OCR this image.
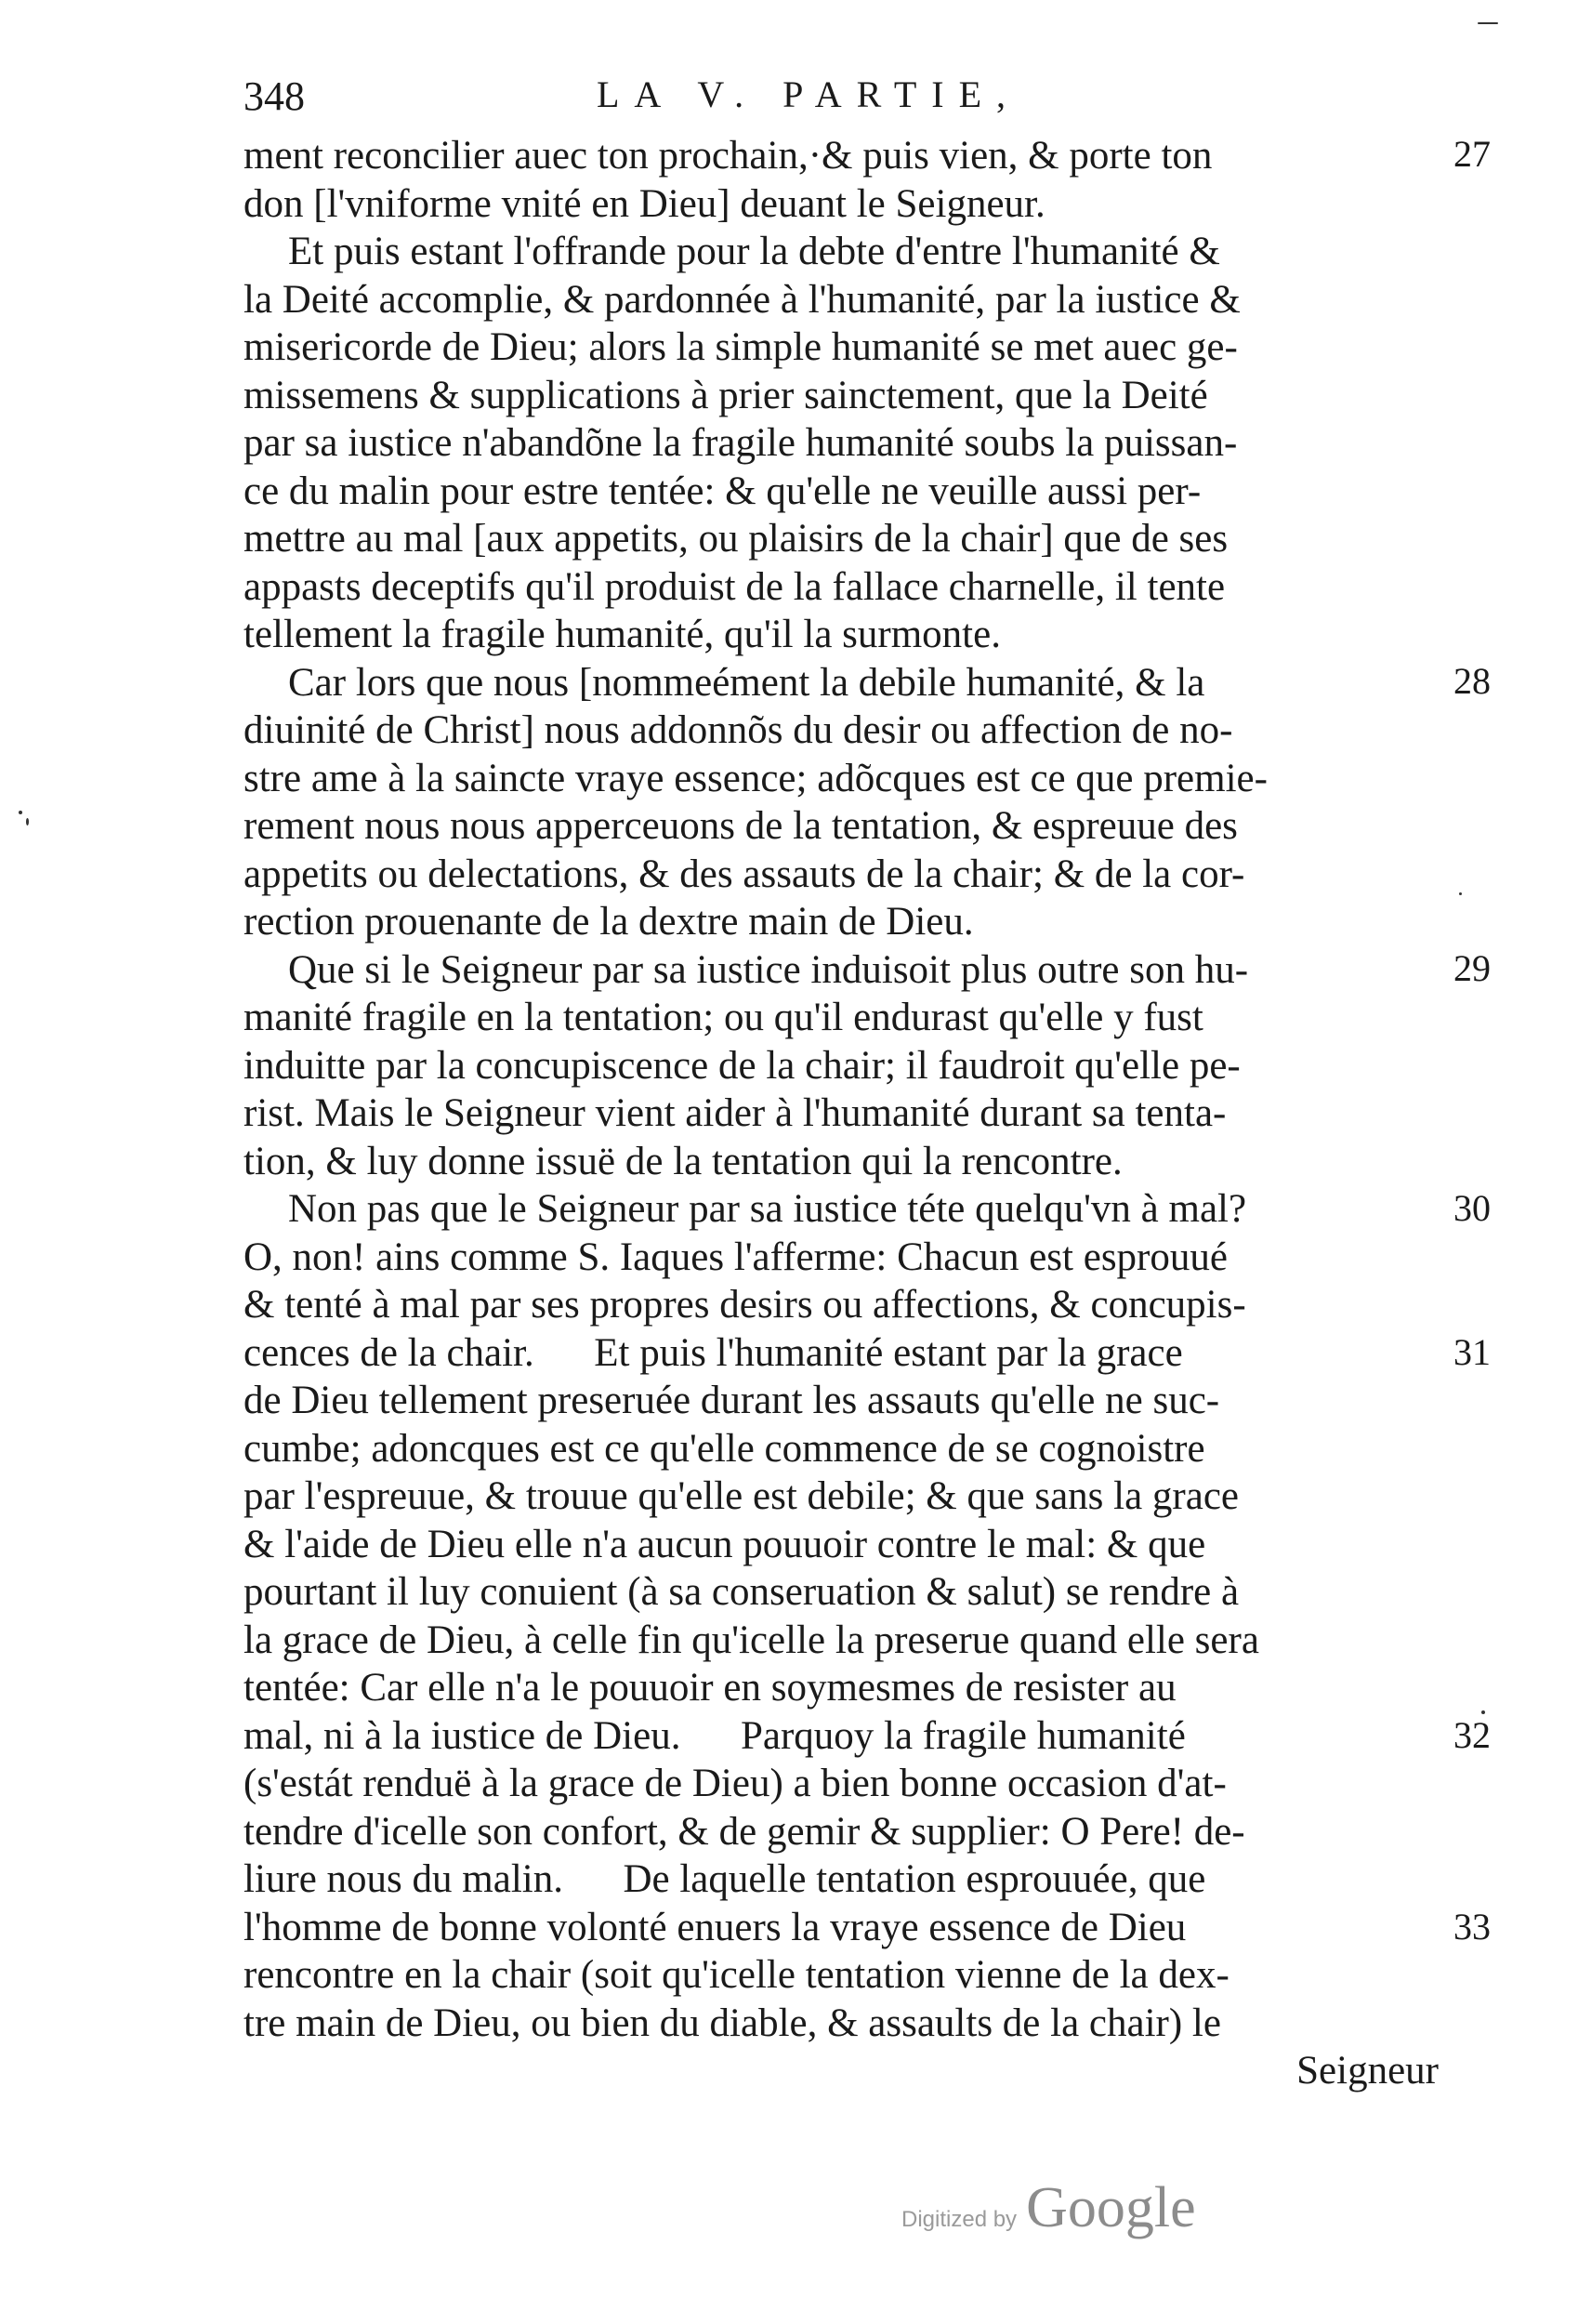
348	LA V. PARTIE,
ment reconcilier auec ton prochain,·& puis vien, & porte ton
don [l'vniforme vnité en Dieu] deuant le Seigneur.
Et puis estant l'offrande pour la debte d'entre l'humanité &
la Deité accomplie, & pardonnée à l'humanité, par la iustice &
misericorde de Dieu; alors la simple humanité se met auec ge-
missemens & supplications à prier sainctement, que la Deité
par sa iustice n'abandõne la fragile humanité soubs la puissan-
ce du malin pour estre tentée: & qu'elle ne veuille aussi per-
mettre au mal [aux appetits, ou plaisirs de la chair] que de ses
appasts deceptifs qu'il produist de la fallace charnelle, il tente
tellement la fragile humanité, qu'il la surmonte.
Car lors que nous [nommeément la debile humanité, & la
diuinité de Christ] nous addonnõs du desir ou affection de no-
stre ame à la saincte vraye essence; adõcques est ce que premie-
rement nous nous apperceuons de la tentation, & espreuue des
appetits ou delectations, & des assauts de la chair; & de la cor-
rection prouenante de la dextre main de Dieu.
Que si le Seigneur par sa iustice induisoit plus outre son hu-
manité fragile en la tentation; ou qu'il endurast qu'elle y fust
induitte par la concupiscence de la chair; il faudroit qu'elle pe-
rist. Mais le Seigneur vient aider à l'humanité durant sa tenta-
tion, & luy donne issuë de la tentation qui la rencontre.
Non pas que le Seigneur par sa iustice téte quelqu'vn à mal?
O, non! ains comme S. Iaques l'afferme: Chacun est esprouué
& tenté à mal par ses propres desirs ou affections, & concupis-
cences de la chair.      Et puis l'humanité estant par la grace
de Dieu tellement preseruée durant les assauts qu'elle ne suc-
cumbe; adoncques est ce qu'elle commence de se cognoistre
par l'espreuue, & trouue qu'elle est debile; & que sans la grace
& l'aide de Dieu elle n'a aucun pouuoir contre le mal: & que
pourtant il luy conuient (à sa conseruation & salut) se rendre à
la grace de Dieu, à celle fin qu'icelle la preserue quand elle sera
tentée: Car elle n'a le pouuoir en soymesmes de resister au
mal, ni à la iustice de Dieu.      Parquoy la fragile humanité
(s'estát renduë à la grace de Dieu) a bien bonne occasion d'at-
tendre d'icelle son confort, & de gemir & supplier: O Pere! de-
liure nous du malin.      De laquelle tentation esprouuée, que
l'homme de bonne volonté enuers la vraye essence de Dieu
rencontre en la chair (soit qu'icelle tentation vienne de la dex-
tre main de Dieu, ou bien du diable, & assaults de la chair) le
Seigneur
27
28
29
30
31
32
33
Digitized by Google
